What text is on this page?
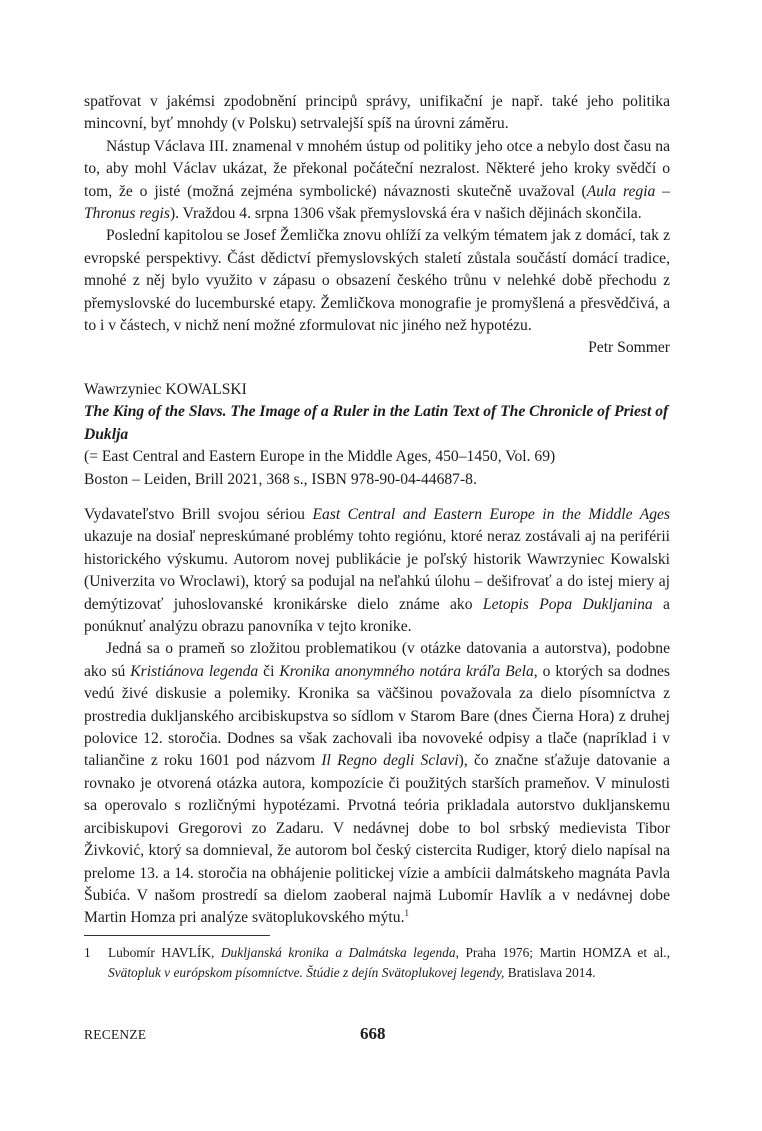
spatřovat v jakémsi zpodobnění principů správy, unifikační je např. také jeho politika mincovní, byť mnohdy (v Polsku) setrvalejší spíš na úrovni záměru.

Nástup Václava III. znamenal v mnohém ústup od politiky jeho otce a nebylo dost času na to, aby mohl Václav ukázat, že překonal počáteční nezralost. Některé jeho kroky svědčí o tom, že o jisté (možná zejména symbolické) návaznosti skutečně uvažoval (Aula regia – Thronus regis). Vraždou 4. srpna 1306 však přemyslovská éra v našich dějinách skončila.

Poslední kapitolou se Josef Žemlička znovu ohlíží za velkým tématem jak z domácí, tak z evropské perspektivy. Část dědictví přemyslovských staletí zůstala součástí domácí tradice, mnohé z něj bylo využito v zápasu o obsazení českého trůnu v nelehké době přechodu z přemyslovské do lucemburské etapy. Žemličkova monografie je promyšlená a přesvědčivá, a to i v částech, v nichž není možné zformulovat nic jiného než hypotézu.

Petr Sommer
Wawrzyniec KOWALSKI
The King of the Slavs. The Image of a Ruler in the Latin Text of The Chronicle of Priest of Duklja
(= East Central and Eastern Europe in the Middle Ages, 450–1450, Vol. 69)
Boston – Leiden, Brill 2021, 368 s., ISBN 978-90-04-44687-8.

Vydavateľstvo Brill svojou sériou East Central and Eastern Europe in the Middle Ages ukazuje na dosiaľ nepreskúmané problémy tohto regiónu, ktoré neraz zostávali aj na periférii historického výskumu. Autorom novej publikácie je poľský historik Wawrzyniec Kowalski (Univerzita vo Wroclawi), ktorý sa podujal na neľahkú úlohu – dešifrovať a do istej miery aj demýtizovať juhoslovanské kronikárske dielo známe ako Letopis Popa Dukljanina a ponúknuť analýzu obrazu panovníka v tejto kronike.

Jedná sa o prameň so zložitou problematikou (v otázke datovania a autorstva), podobne ako sú Kristiánova legenda či Kronika anonymného notára kráľa Bela, o ktorých sa dodnes vedú živé diskusie a polemiky. Kronika sa väčšinou považovala za dielo písomníctva z prostredia dukljanského arcibiskupstva so sídlom v Starom Bare (dnes Čierna Hora) z druhej polovice 12. storočia. Dodnes sa však zachovali iba novoveké odpisy a tlače (napríklad i v taliančine z roku 1601 pod názvom Il Regno degli Sclavi), čo značne sťažuje datovanie a rovnako je otvorená otázka autora, kompozície či použitých starších prameňov. V minulosti sa operovalo s rozličnými hypotézami. Prvotná teória prikladala autorstvo dukljanskemu arcibiskupovi Gregorovi zo Zadaru. V nedávnej dobe to bol srbský medievista Tibor Živković, ktorý sa domnieval, že autorom bol český cistercita Rudiger, ktorý dielo napísal na prelome 13. a 14. storočia na obhájenie politickej vízie a ambícii dalmátskeho magnáta Pavla Šubića. V našom prostredí sa dielom zaoberal najmä Lubomír Havlík a v nedávnej dobe Martin Homza pri analýze svätoplukovského mýtu.$^1$

1 Lubomír HAVLÍK, Dukljanská kronika a Dalmátska legenda, Praha 1976; Martin HOMZA et al., Svätopluk v európskom písomníctve. Štúdie z dejín Svätoplukovej legendy, Bratislava 2014.
RECENZE	668
